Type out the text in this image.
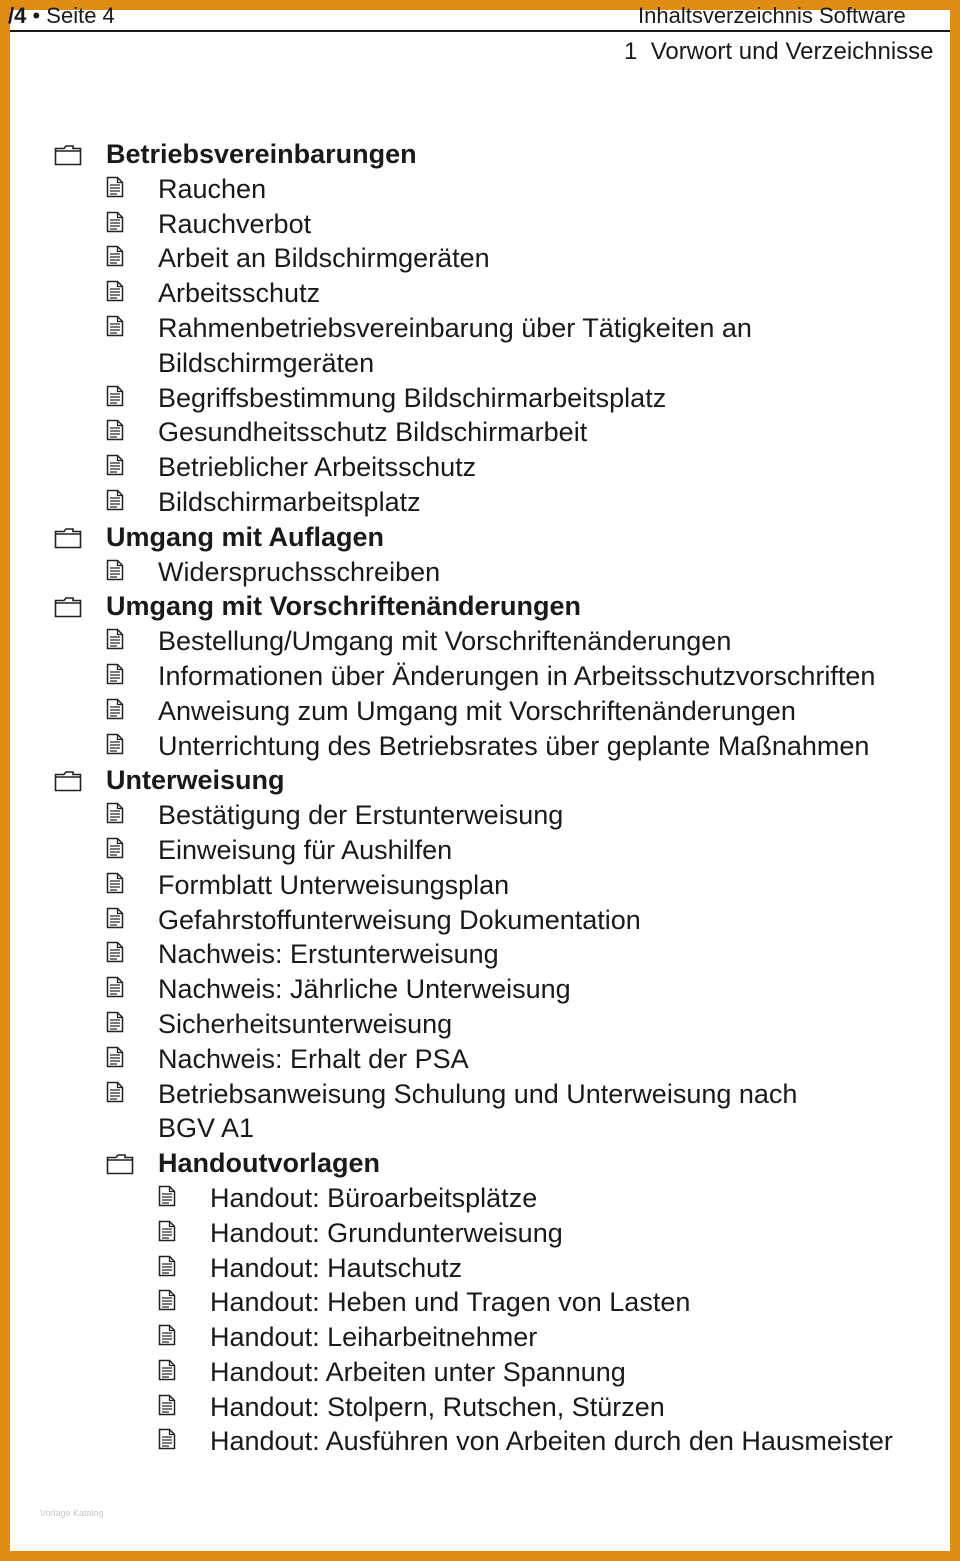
/4 • Seite 4	Inhaltsverzeichnis Software
1 Vorwort und Verzeichnisse
Betriebsvereinbarungen
Rauchen
Rauchverbot
Arbeit an Bildschirmgeräten
Arbeitsschutz
Rahmenbetriebsvereinbarung über Tätigkeiten an Bildschirmgeräten
Begriffsbestimmung Bildschirmarbeitsplatz
Gesundheitsschutz Bildschirmarbeit
Betrieblicher Arbeitsschutz
Bildschirmarbeitsplatz
Umgang mit Auflagen
Widerspruchsschreiben
Umgang mit Vorschriftenänderungen
Bestellung/Umgang mit Vorschriftenänderungen
Informationen über Änderungen in Arbeitsschutzvorschriften
Anweisung zum Umgang mit Vorschriftenänderungen
Unterrichtung des Betriebsrates über geplante Maßnahmen
Unterweisung
Bestätigung der Erstunterweisung
Einweisung für Aushilfen
Formblatt Unterweisungsplan
Gefahrstoffunterweisung Dokumentation
Nachweis: Erstunterweisung
Nachweis: Jährliche Unterweisung
Sicherheitsunterweisung
Nachweis: Erhalt der PSA
Betriebsanweisung Schulung und Unterweisung nach BGV A1
Handoutvorlagen
Handout: Büroarbeitsplätze
Handout: Grundunterweisung
Handout: Hautschutz
Handout: Heben und Tragen von Lasten
Handout: Leiharbeitnehmer
Handout: Arbeiten unter Spannung
Handout: Stolpern, Rutschen, Stürzen
Handout: Ausführen von Arbeiten durch den Hausmeister
Vorlage Katalog
